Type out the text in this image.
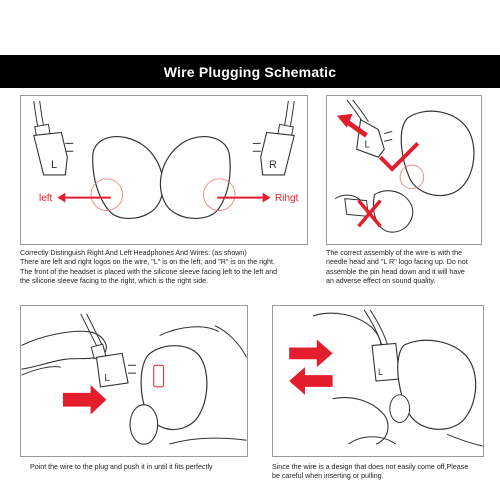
Wire Plugging Schematic
L	R
left	Rihgt
Correctly Distinguish Right And Left Headphones And Wires: (as shown)
There are left and right logos on the wire, "L" is on the left, and "R" is on the right.
The front of the headset is placed with the silicone sleeve facing left to the left and
the silicone sleeve facing to the right, which is the right side.
L
The correct assembly of the wire is with the
needle head and "L R" logo facing up. Do not
assemble the pin head down and it will have
an adverse effect on sound quality.
L
Point the wire to the plug and push it in until it fits perfectly
L
Since the wire is a design that does not easily come off,Please
be careful when inserting or pulling.
